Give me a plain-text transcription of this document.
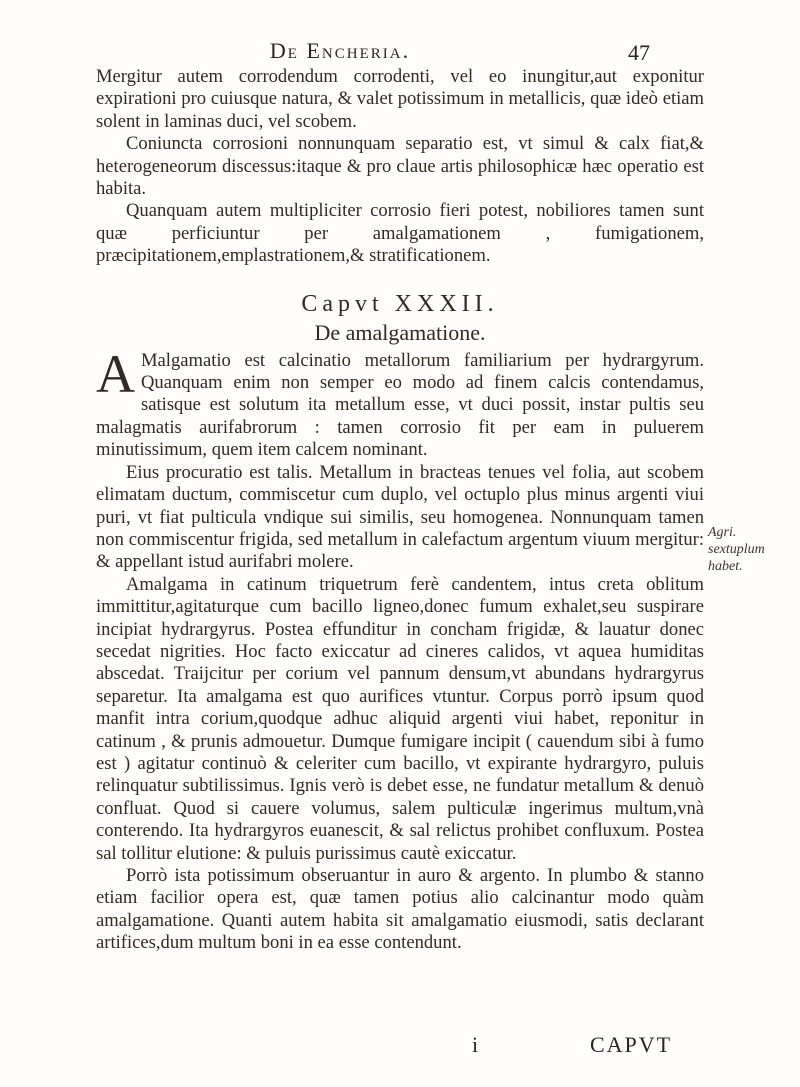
De Encheria.	47

Mergitur autem corrodendum corrodenti, vel eo inungitur,aut exponitur expirationi pro cuiusque natura, & valet potissimum in metallicis, quæ ideò etiam solent in laminas duci, vel scobem.

Coniuncta corrosioni nonnunquam separatio est, vt simul & calx fiat,& heterogeneorum discessus:itaque & pro claue artis philosophicæ hæc operatio est habita.

Quanquam autem multipliciter corrosio fieri potest, nobiliores tamen sunt quæ perficiuntur per amalgamationem , fumigationem, præcipitationem,emplastrationem,& stratificationem.

Capvt XXXII.
De amalgamatione.

A Malgamatio est calcinatio metallorum familiarium per hydrargyrum. Quanquam enim non semper eo modo ad finem calcis contendamus, satisque est solutum ita metallum esse, vt duci possit, instar pultis seu malagmatis aurifabrorum : tamen corrosio fit per eam in puluerem minutissimum, quem item calcem nominant.

Eius procuratio est talis. Metallum in bracteas tenues vel folia, aut scobem elimatam ductum, commiscetur cum duplo, vel octuplo plus minus argenti viui puri, vt fiat pulticula vndique sui similis, seu homogenea. Nonnunquam tamen non commiscentur frigida, sed metallum in calefactum argentum viuum mergitur: & appellant istud aurifabri molere.

Amalgama in catinum triquetrum ferè candentem, intus creta oblitum immittitur,agitaturque cum bacillo ligneo,donec fumum exhalet,seu suspirare incipiat hydrargyrus. Postea effunditur in concham frigidæ, & lauatur donec secedat nigrities. Hoc facto exiccatur ad cineres calidos, vt aquea humiditas abscedat. Traijcitur per corium vel pannum densum,vt abundans hydrargyrus separetur. Ita amalgama est quo aurifices vtuntur. Corpus porrò ipsum quod manfit intra corium,quodque adhuc aliquid argenti viui habet, reponitur in catinum , & prunis admouetur. Dumque fumigare incipit ( cauendum sibi à fumo est ) agitatur continuò & celeriter cum bacillo, vt expirante hydrargyro, puluis relinquatur subtilissimus. Ignis verò is debet esse, ne fundatur metallum & denuò confluat. Quod si cauere volumus, salem pulticulæ ingerimus multum,vnà conterendo. Ita hydrargyros euanescit, & sal relictus prohibet confluxum. Postea sal tollitur elutione: & puluis purissimus cautè exiccatur.

Porrò ista potissimum obseruantur in auro & argento. In plumbo & stanno etiam facilior opera est, quæ tamen potius alio calcinantur modo quàm amalgamatione. Quanti autem habita sit amalgamatio eiusmodi, satis declarant artifices,dum multum boni in ea esse contendunt.

Agri. sextuplum habet.
i	CAPVT
